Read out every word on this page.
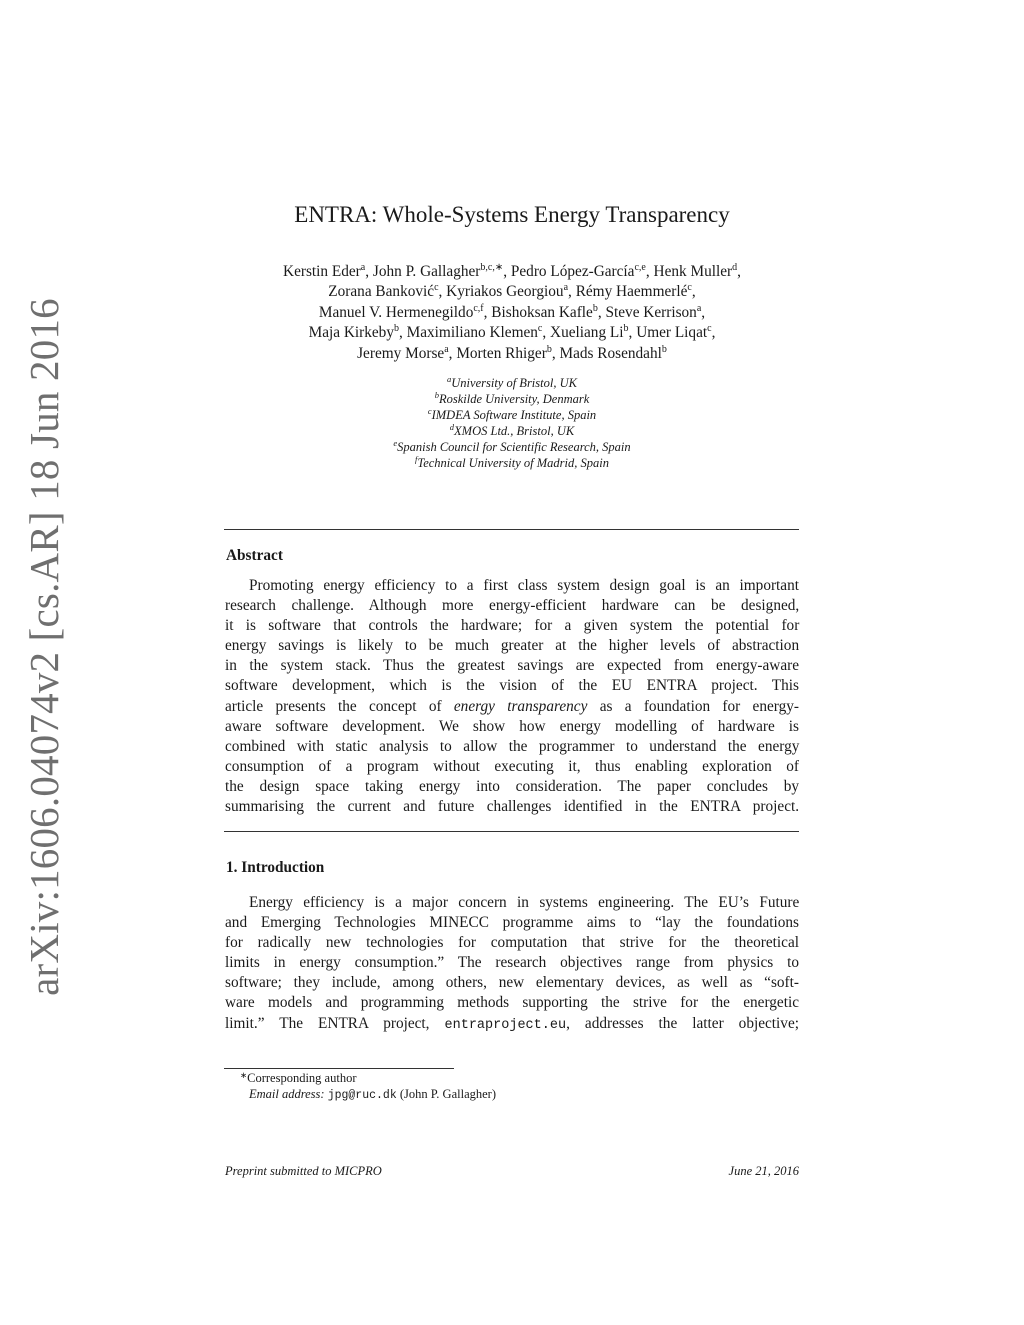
arXiv:1606.04074v2 [cs.AR] 18 Jun 2016
ENTRA: Whole-Systems Energy Transparency
Kerstin Eder$^a$, John P. Gallagher$^{b,c,∗}$, Pedro López-García$^{c,e}$, Henk Muller$^d$,
Zorana Banković$^c$, Kyriakos Georgiou$^a$, Rémy Haemmerlé$^c$,
Manuel V. Hermenegildo$^{c,f}$, Bishoksan Kafle$^b$, Steve Kerrison$^a$,
Maja Kirkeby$^b$, Maximiliano Klemen$^c$, Xueliang Li$^b$, Umer Liqat$^c$,
Jeremy Morse$^a$, Morten Rhiger$^b$, Mads Rosendahl$^b$
$^a$University of Bristol, UK
$^b$Roskilde University, Denmark
$^c$IMDEA Software Institute, Spain
$^d$XMOS Ltd., Bristol, UK
$^e$Spanish Council for Scientific Research, Spain
$^f$Technical University of Madrid, Spain
Abstract
Promoting energy efficiency to a first class system design goal is an important
research challenge. Although more energy-efficient hardware can be designed,
it is software that controls the hardware; for a given system the potential for
energy savings is likely to be much greater at the higher levels of abstraction
in the system stack. Thus the greatest savings are expected from energy-aware
software development, which is the vision of the EU ENTRA project. This
article presents the concept of energy transparency as a foundation for energy-
aware software development. We show how energy modelling of hardware is
combined with static analysis to allow the programmer to understand the energy
consumption of a program without executing it, thus enabling exploration of
the design space taking energy into consideration. The paper concludes by
summarising the current and future challenges identified in the ENTRA project.
1. Introduction
Energy efficiency is a major concern in systems engineering. The EU’s Future
and Emerging Technologies MINECC programme aims to “lay the foundations
for radically new technologies for computation that strive for the theoretical
limits in energy consumption.” The research objectives range from physics to
software; they include, among others, new elementary devices, as well as “soft-
ware models and programming methods supporting the strive for the energetic
limit.” The ENTRA project, entraproject.eu, addresses the latter objective;
∗Corresponding author
Email address: jpg@ruc.dk (John P. Gallagher)
Preprint submitted to MICPRO	June 21, 2016
